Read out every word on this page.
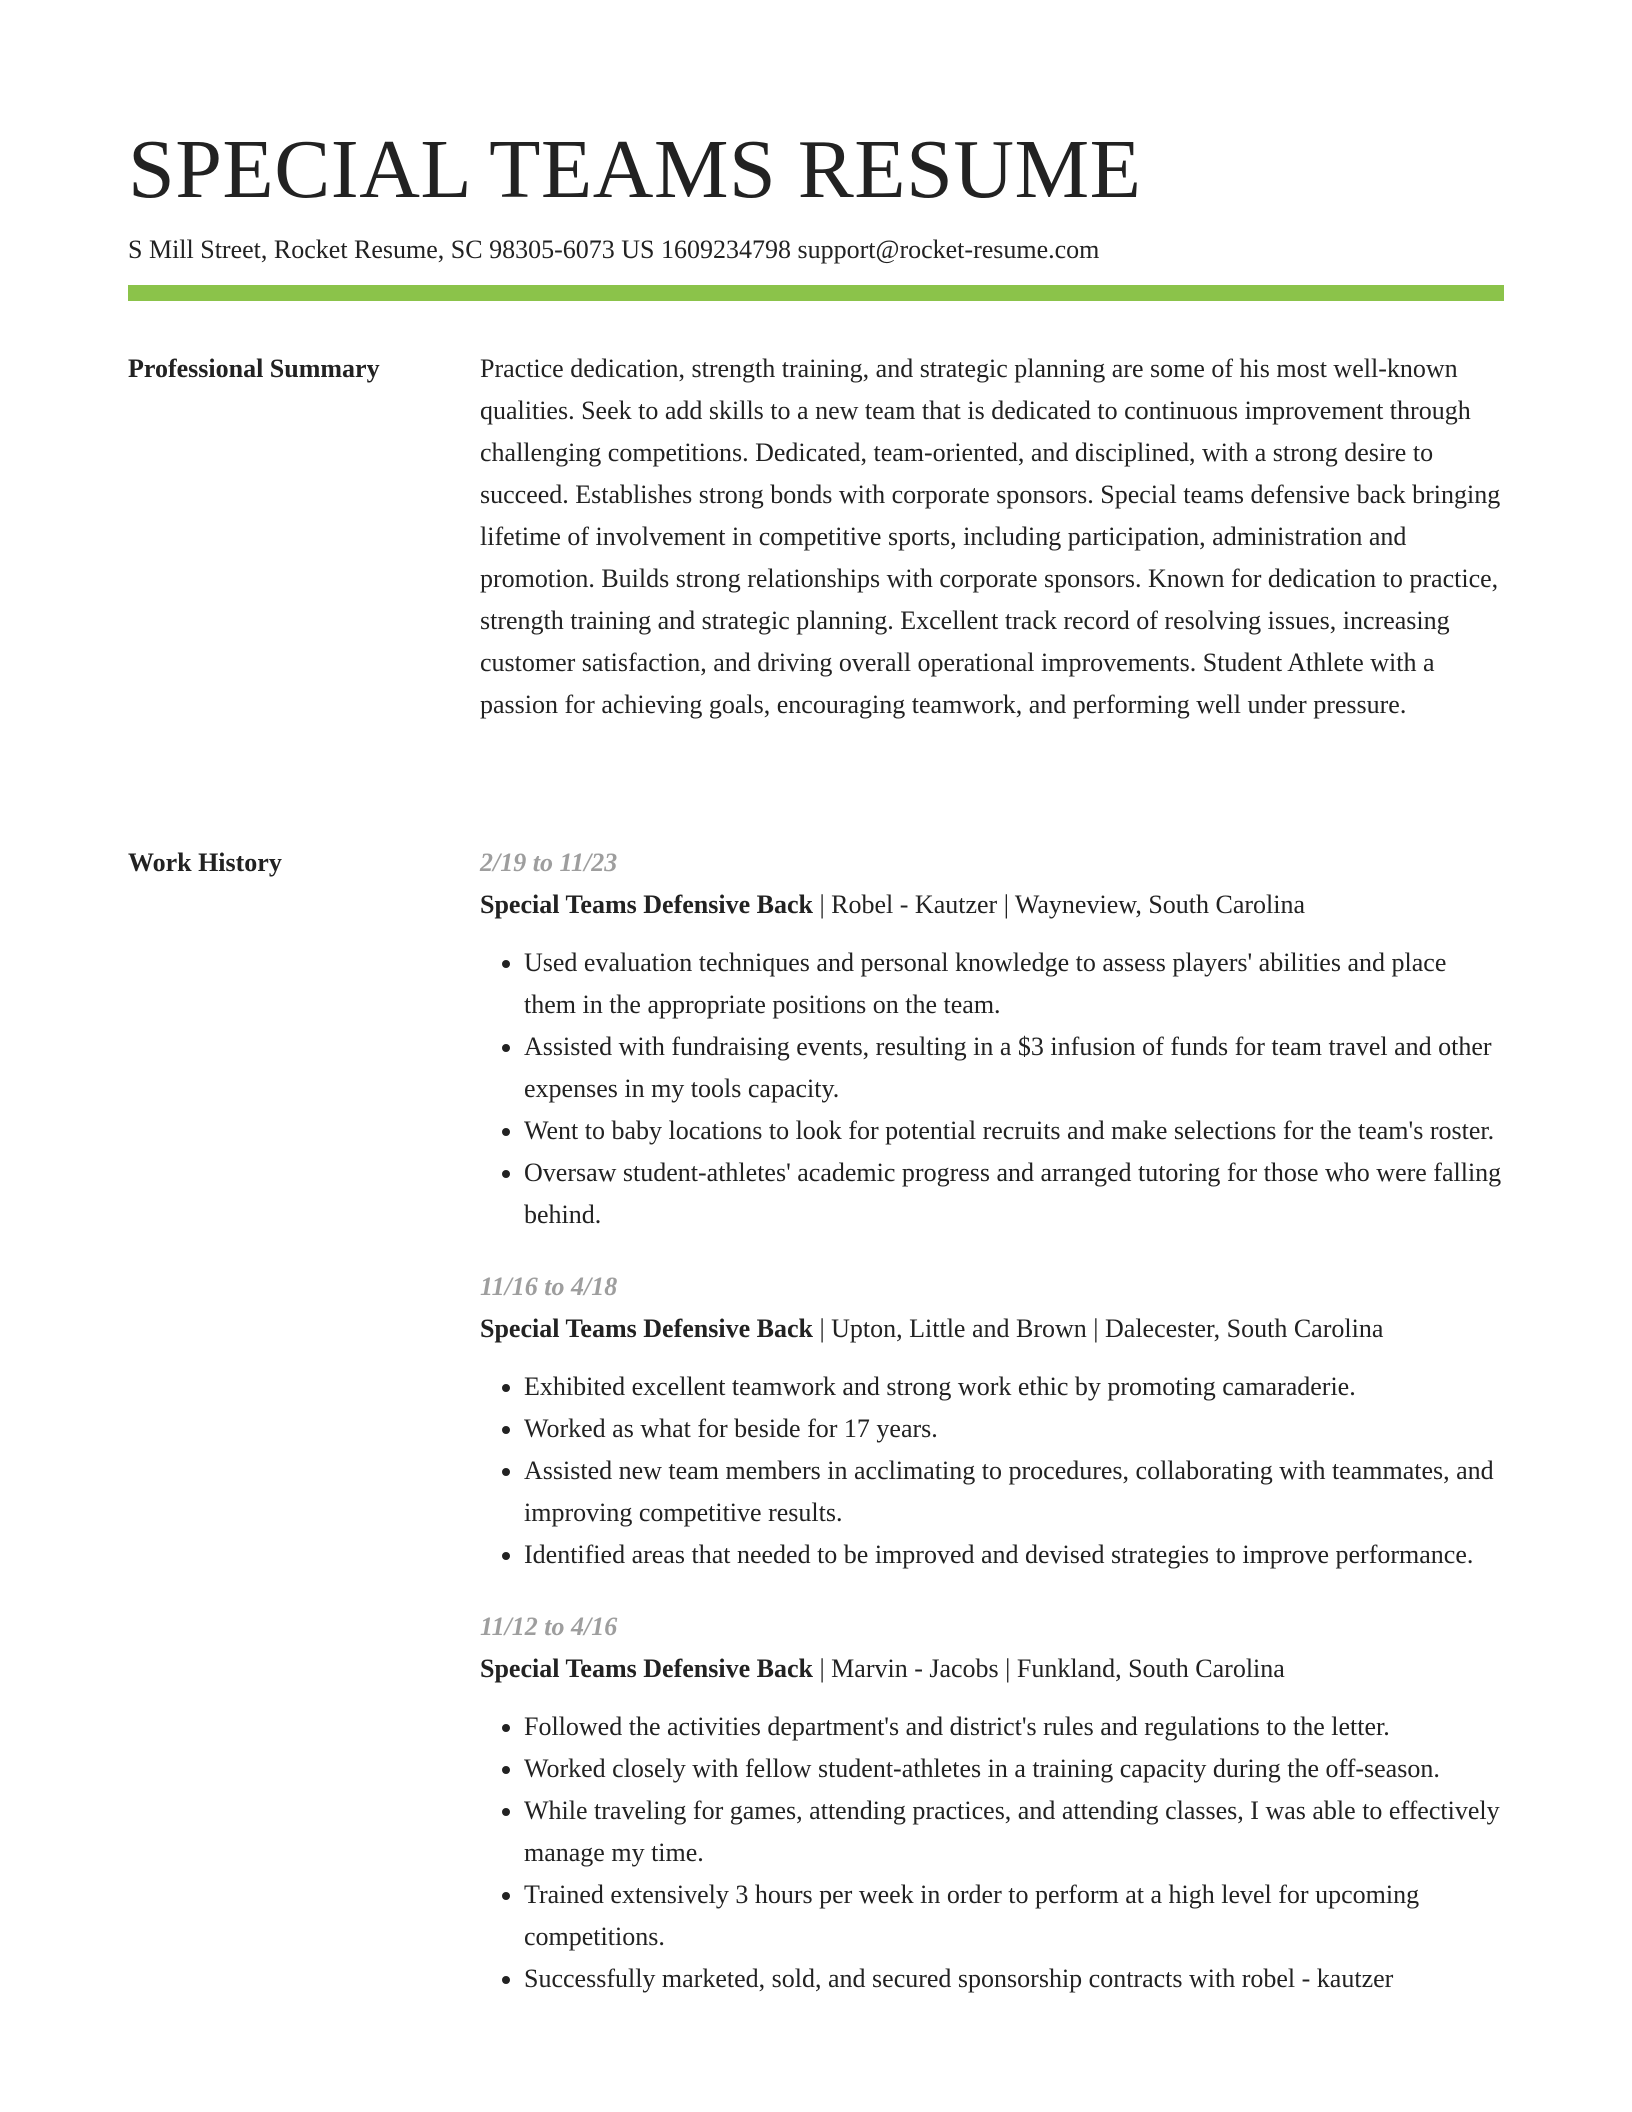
SPECIAL TEAMS RESUME
S Mill Street, Rocket Resume, SC 98305-6073 US 1609234798 support@rocket-resume.com
Professional Summary	Practice dedication, strength training, and strategic planning are some of his most well-known qualities. Seek to add skills to a new team that is dedicated to continuous improvement through challenging competitions. Dedicated, team-oriented, and disciplined, with a strong desire to succeed. Establishes strong bonds with corporate sponsors. Special teams defensive back bringing lifetime of involvement in competitive sports, including participation, administration and promotion. Builds strong relationships with corporate sponsors. Known for dedication to practice, strength training and strategic planning. Excellent track record of resolving issues, increasing customer satisfaction, and driving overall operational improvements. Student Athlete with a passion for achieving goals, encouraging teamwork, and performing well under pressure.

Work History	2/19 to 11/23
Special Teams Defensive Back | Robel - Kautzer | Wayneview, South Carolina
• Used evaluation techniques and personal knowledge to assess players' abilities and place them in the appropriate positions on the team.
• Assisted with fundraising events, resulting in a $3 infusion of funds for team travel and other expenses in my tools capacity.
• Went to baby locations to look for potential recruits and make selections for the team's roster.
• Oversaw student-athletes' academic progress and arranged tutoring for those who were falling behind.
11/16 to 4/18
Special Teams Defensive Back | Upton, Little and Brown | Dalecester, South Carolina
• Exhibited excellent teamwork and strong work ethic by promoting camaraderie.
• Worked as what for beside for 17 years.
• Assisted new team members in acclimating to procedures, collaborating with teammates, and improving competitive results.
• Identified areas that needed to be improved and devised strategies to improve performance.
11/12 to 4/16
Special Teams Defensive Back | Marvin - Jacobs | Funkland, South Carolina
• Followed the activities department's and district's rules and regulations to the letter.
• Worked closely with fellow student-athletes in a training capacity during the off-season.
• While traveling for games, attending practices, and attending classes, I was able to effectively manage my time.
• Trained extensively 3 hours per week in order to perform at a high level for upcoming competitions.
• Successfully marketed, sold, and secured sponsorship contracts with robel - kautzer
